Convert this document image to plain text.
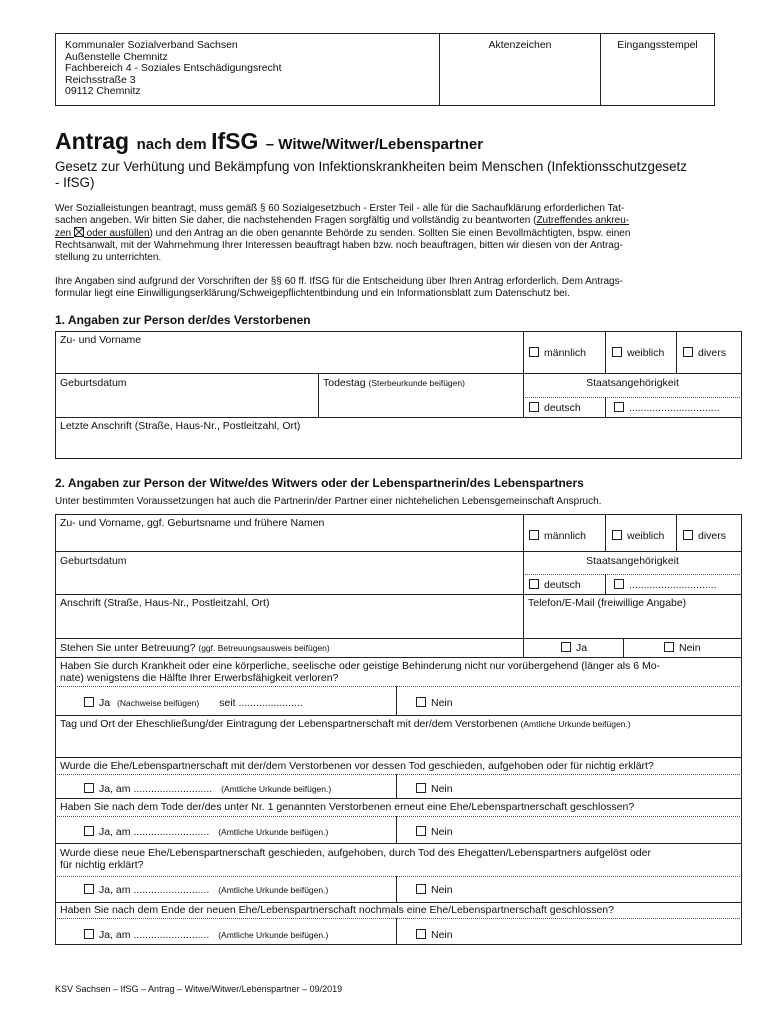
Kommunaler Sozialverband Sachsen
Außenstelle Chemnitz
Fachbereich 4 - Soziales Entschädigungsrecht
Reichsstraße 3
09112 Chemnitz
Aktenzeichen	Eingangsstempel
Antrag nach dem IfSG – Witwe/Witwer/Lebenspartner
Gesetz zur Verhütung und Bekämpfung von Infektionskrankheiten beim Menschen (Infektionsschutzgesetz
- IfSG)
Wer Sozialleistungen beantragt, muss gemäß § 60 Sozialgesetzbuch - Erster Teil - alle für die Sachaufklärung erforderlichen Tat-
sachen angeben. Wir bitten Sie daher, die nachstehenden Fragen sorgfältig und vollständig zu beantworten (Zutreffendes ankreu-
zen
oder ausfüllen) und den Antrag an die oben genannte Behörde zu senden. Sollten Sie einen Bevollmächtigten, bspw. einen
Rechtsanwalt, mit der Wahrnehmung Ihrer Interessen beauftragt haben bzw. noch beauftragen, bitten wir diesen von der Antrag-
stellung zu unterrichten.
Ihre Angaben sind aufgrund der Vorschriften der §§ 60 ff. IfSG für die Entscheidung über Ihren Antrag erforderlich. Dem Antrags-
formular liegt eine Einwilligungserklärung/Schweigepflichtentbindung und ein Informationsblatt zum Datenschutz bei.
1. Angaben zur Person der/des Verstorbenen
Zu- und Vorname
männlich	weiblich	divers
Geburtsdatum	Todestag (Sterbeurkunde beifügen)	Staatsangehörigkeit
deutsch	...............................
Letzte Anschrift (Straße, Haus-Nr., Postleitzahl, Ort)
2. Angaben zur Person der Witwe/des Witwers oder der Lebenspartnerin/des Lebenspartners
Unter bestimmten Voraussetzungen hat auch die Partnerin/der Partner einer nichtehelichen Lebensgemeinschaft Anspruch.
Zu- und Vorname, ggf. Geburtsname und frühere Namen
männlich	weiblich	divers
Geburtsdatum	Staatsangehörigkeit
deutsch	..............................
Anschrift (Straße, Haus-Nr., Postleitzahl, Ort)	Telefon/E-Mail (freiwillige Angabe)
Stehen Sie unter Betreuung? (ggf. Betreuungsausweis beifügen)	Ja	Nein
Haben Sie durch Krankheit oder eine körperliche, seelische oder geistige Behinderung nicht nur vorübergehend (länger als 6 Mo-
nate) wenigstens die Hälfte Ihrer Erwerbsfähigkeit verloren?
Ja (Nachweise beifügen) seit ......................	Nein
Tag und Ort der Eheschließung/der Eintragung der Lebenspartnerschaft mit der/dem Verstorbenen (Amtliche Urkunde beifügen.)
Wurde die Ehe/Lebenspartnerschaft mit der/dem Verstorbenen vor dessen Tod geschieden, aufgehoben oder für nichtig erklärt?
Ja, am ........................... (Amtliche Urkunde beifügen.)	Nein
Haben Sie nach dem Tode der/des unter Nr. 1 genannten Verstorbenen erneut eine Ehe/Lebenspartnerschaft geschlossen?
Ja, am .......................... (Amtliche Urkunde beifügen.)	Nein
Wurde diese neue Ehe/Lebenspartnerschaft geschieden, aufgehoben, durch Tod des Ehegatten/Lebenspartners aufgelöst oder
für nichtig erklärt?
Ja, am .......................... (Amtliche Urkunde beifügen.)	Nein
Haben Sie nach dem Ende der neuen Ehe/Lebenspartnerschaft nochmals eine Ehe/Lebenspartnerschaft geschlossen?
Ja, am .......................... (Amtliche Urkunde beifügen.)	Nein
KSV Sachsen – IfSG – Antrag – Witwe/Witwer/Lebenspartner – 09/2019
